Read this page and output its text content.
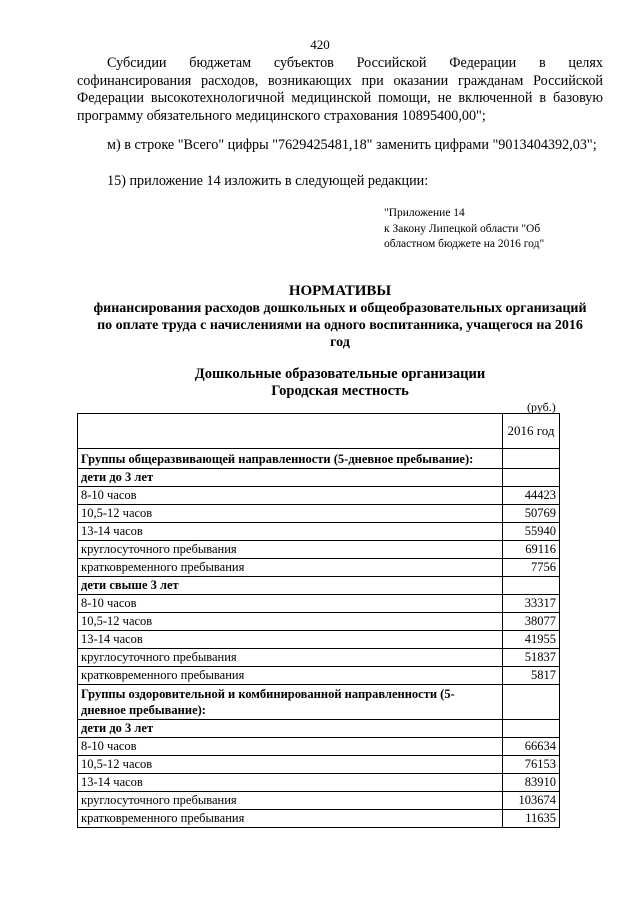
420

Субсидии бюджетам субъектов Российской Федерации в целях софинансирования расходов, возникающих при оказании гражданам Российской Федерации высокотехнологичной медицинской помощи, не включенной в базовую программу обязательного медицинского страхования 10895400,00";

м) в строке "Всего" цифры "7629425481,18" заменить цифрами "9013404392,03";

15) приложение 14 изложить в следующей редакции:

"Приложение 14
к Закону Липецкой области "Об
областном бюджете на 2016 год"
НОРМАТИВЫ
финансирования расходов дошкольных и общеобразовательных организаций по оплате труда с начислениями на одного воспитанника, учащегося на 2016 год
Дошкольные образовательные организации
Городская местность
(руб.)
	2016 год
Группы общеразвивающей направленности (5-дневное пребывание):	
дети до 3 лет	
8-10 часов	44423
10,5-12 часов	50769
13-14 часов	55940
круглосуточного пребывания	69116
кратковременного пребывания	7756
дети свыше 3 лет	
8-10 часов	33317
10,5-12 часов	38077
13-14 часов	41955
круглосуточного пребывания	51837
кратковременного пребывания	5817
Группы оздоровительной и комбинированной направленности (5-дневное пребывание):	
дети до 3 лет	
8-10 часов	66634
10,5-12 часов	76153
13-14 часов	83910
круглосуточного пребывания	103674
кратковременного пребывания	11635
